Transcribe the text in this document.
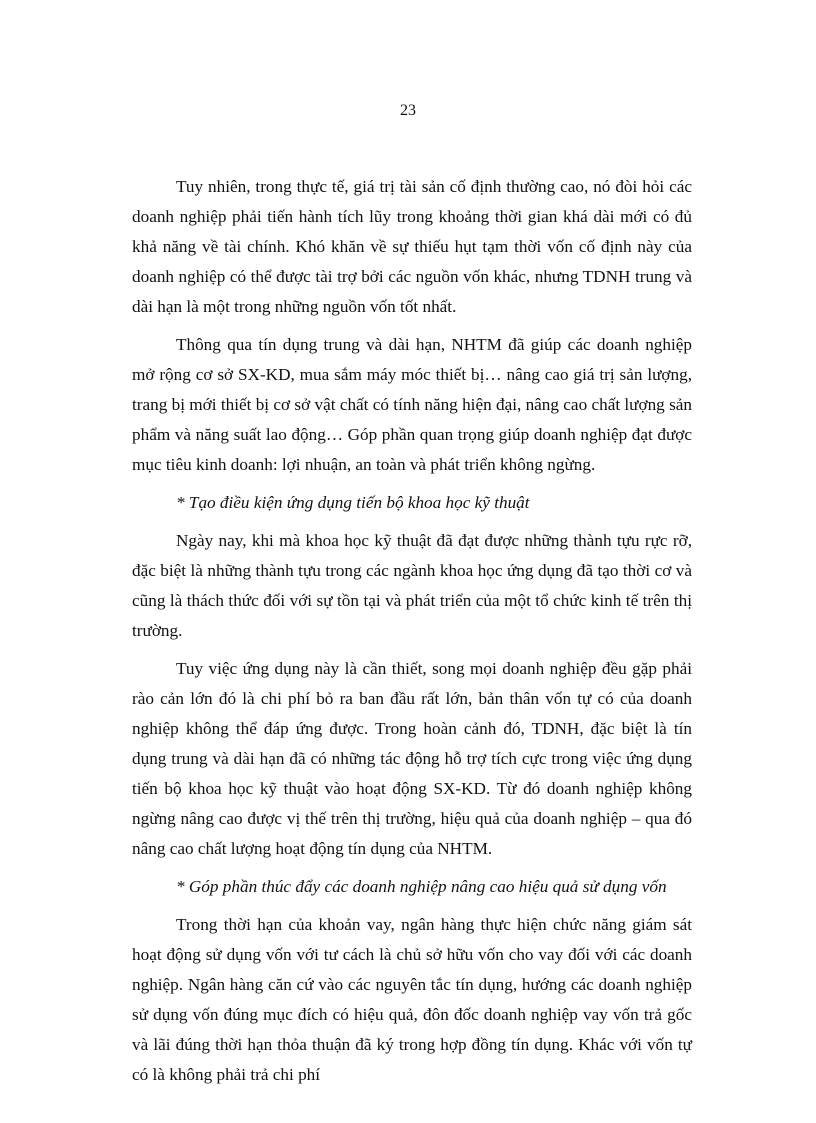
23

Tuy nhiên, trong thực tế, giá trị tài sản cố định thường cao, nó đòi hỏi các doanh nghiệp phải tiến hành tích lũy trong khoảng thời gian khá dài mới có đủ khả năng về tài chính. Khó khăn về sự thiếu hụt tạm thời vốn cố định này của doanh nghiệp có thể được tài trợ bởi các nguồn vốn khác, nhưng TDNH trung và dài hạn là một trong những nguồn vốn tốt nhất.

Thông qua tín dụng trung và dài hạn, NHTM đã giúp các doanh nghiệp mở rộng cơ sở SX-KD, mua sắm máy móc thiết bị… nâng cao giá trị sản lượng, trang bị mới thiết bị cơ sở vật chất có tính năng hiện đại, nâng cao chất lượng sản phẩm và năng suất lao động… Góp phần quan trọng giúp doanh nghiệp đạt được mục tiêu kinh doanh: lợi nhuận, an toàn và phát triển không ngừng.

* Tạo điều kiện ứng dụng tiến bộ khoa học kỹ thuật

Ngày nay, khi mà khoa học kỹ thuật đã đạt được những thành tựu rực rỡ, đặc biệt là những thành tựu trong các ngành khoa học ứng dụng đã tạo thời cơ và cũng là thách thức đối với sự tồn tại và phát triển của một tổ chức kinh tế trên thị trường.

Tuy việc ứng dụng này là cần thiết, song mọi doanh nghiệp đều gặp phải rào cản lớn đó là chi phí bỏ ra ban đầu rất lớn, bản thân vốn tự có của doanh nghiệp không thể đáp ứng được. Trong hoàn cảnh đó, TDNH, đặc biệt là tín dụng trung và dài hạn đã có những tác động hỗ trợ tích cực trong việc ứng dụng tiến bộ khoa học kỹ thuật vào hoạt động SX-KD. Từ đó doanh nghiệp không ngừng nâng cao được vị thế trên thị trường, hiệu quả của doanh nghiệp – qua đó nâng cao chất lượng hoạt động tín dụng của NHTM.

* Góp phần thúc đẩy các doanh nghiệp nâng cao hiệu quả sử dụng vốn

Trong thời hạn của khoản vay, ngân hàng thực hiện chức năng giám sát hoạt động sử dụng vốn với tư cách là chủ sở hữu vốn cho vay đối với các doanh nghiệp. Ngân hàng căn cứ vào các nguyên tắc tín dụng, hướng các doanh nghiệp sử dụng vốn đúng mục đích có hiệu quả, đôn đốc doanh nghiệp vay vốn trả gốc và lãi đúng thời hạn thỏa thuận đã ký trong hợp đồng tín dụng. Khác với vốn tự có là không phải trả chi phí
